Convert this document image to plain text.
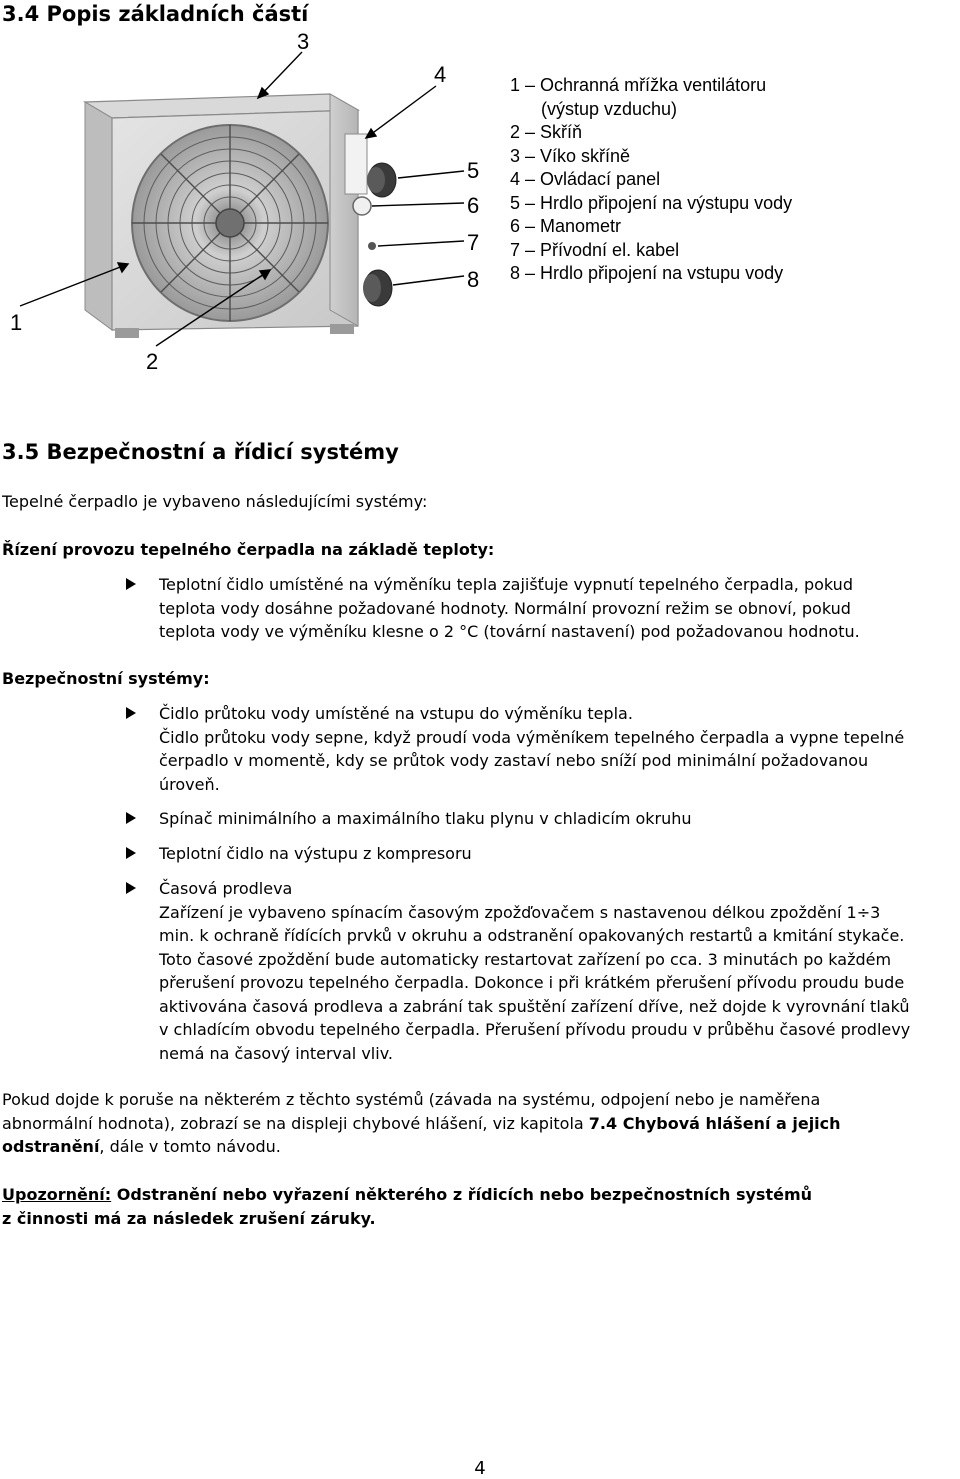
3.4 Popis základních částí
1
2
3
4
5
6
7
8
1 – Ochranná mřížka ventilátoru
(výstup vzduchu)
2 – Skříň
3 – Víko skříně
4 – Ovládací panel
5 – Hrdlo připojení na výstupu vody
6 – Manometr
7 – Přívodní el. kabel
8 – Hrdlo připojení na vstupu vody
3.5 Bezpečnostní a řídicí systémy
Tepelné čerpadlo je vybaveno následujícími systémy:
Řízení provozu tepelného čerpadla na základě teploty:
Teplotní čidlo umístěné na výměníku tepla zajišťuje vypnutí tepelného čerpadla, pokud
teplota vody dosáhne požadované hodnoty. Normální provozní režim se obnoví, pokud
teplota vody ve výměníku klesne o 2 °C (tovární nastavení) pod požadovanou hodnotu.
Bezpečnostní systémy:
Čidlo průtoku vody umístěné na vstupu do výměníku tepla.
Čidlo průtoku vody sepne, když proudí voda výměníkem tepelného čerpadla a vypne tepelné
čerpadlo v momentě, kdy se průtok vody zastaví nebo sníží pod minimální požadovanou
úroveň.
Spínač minimálního a maximálního tlaku plynu v chladicím okruhu
Teplotní čidlo na výstupu z kompresoru
Časová prodleva
Zařízení je vybaveno spínacím časovým zpožďovačem s nastavenou délkou zpoždění 1÷3
min. k ochraně řídících prvků v okruhu a odstranění opakovaných restartů a kmitání stykače.
Toto časové zpoždění bude automaticky restartovat zařízení po cca. 3 minutách po každém
přerušení provozu tepelného čerpadla. Dokonce i při krátkém přerušení přívodu proudu bude
aktivována časová prodleva a zabrání tak spuštění zařízení dříve, než dojde k vyrovnání tlaků
v chladícím obvodu tepelného čerpadla. Přerušení přívodu proudu v průběhu časové prodlevy
nemá na časový interval vliv.
Pokud dojde k poruše na některém z těchto systémů (závada na systému, odpojení nebo je naměřena
abnormální hodnota), zobrazí se na displeji chybové hlášení, viz kapitola 7.4 Chybová hlášení a jejich
odstranění, dále v tomto návodu.
Upozornění: Odstranění nebo vyřazení některého z řídicích nebo bezpečnostních systémů
z činnosti má za následek zrušení záruky.
4
